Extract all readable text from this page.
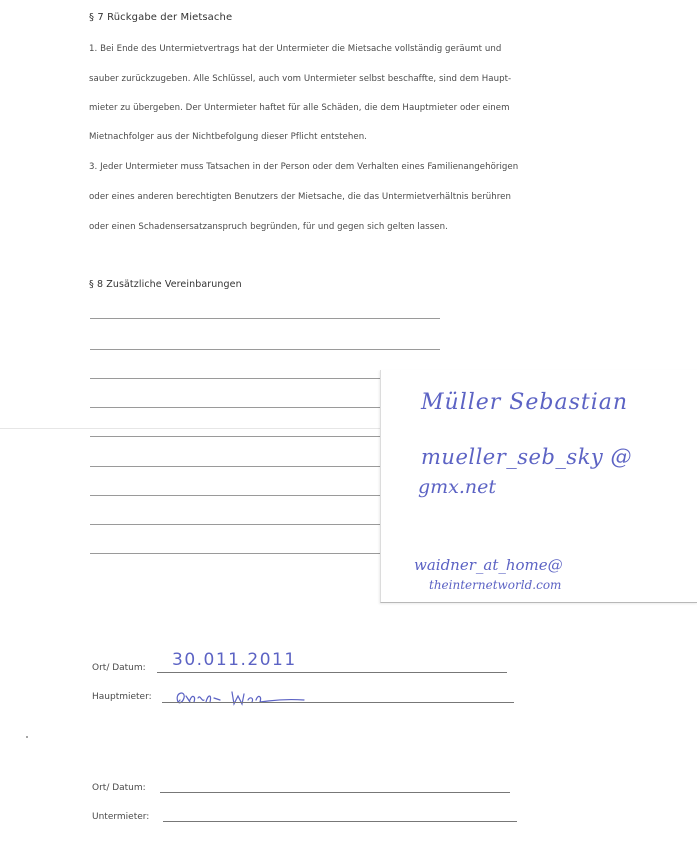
§ 7 Rückgabe der Mietsache
1. Bei Ende des Untermietvertrags hat der Untermieter die Mietsache vollständig geräumt und
sauber zurückzugeben. Alle Schlüssel, auch vom Untermieter selbst beschaffte, sind dem Haupt-
mieter zu übergeben. Der Untermieter haftet für alle Schäden, die dem Hauptmieter oder einem
Mietnachfolger aus der Nichtbefolgung dieser Pflicht entstehen.
3. Jeder Untermieter muss Tatsachen in der Person oder dem Verhalten eines Familienangehörigen
oder eines anderen berechtigten Benutzers der Mietsache, die das Untermietverhältnis berühren
oder einen Schadensersatzanspruch begründen, für und gegen sich gelten lassen.
§ 8 Zusätzliche Vereinbarungen
Müller Sebastian
mueller_seb_sky @
gmx.net
waidner_at_home@
theinternetworld.com
Ort/ Datum: 30.011.2011
Hauptmieter:
Ort/ Datum:
Untermieter:
